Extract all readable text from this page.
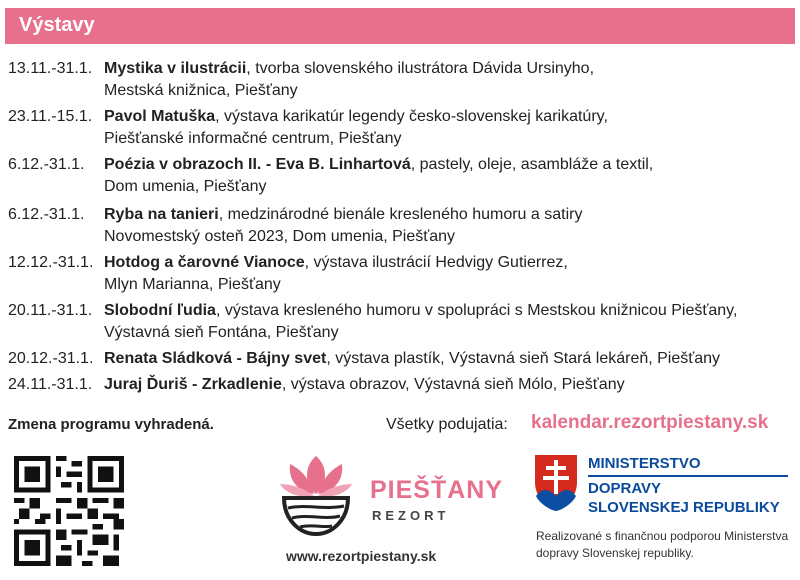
Výstavy
13.11.-31.1. Mystika v ilustrácii, tvorba slovenského ilustrátora Dávida Ursinyho,
Mestská knižnica, Piešťany
23.11.-15.1. Pavol Matuška, výstava karikatúr legendy česko-slovenskej karikatúry,
Piešťanské informačné centrum, Piešťany
6.12.-31.1. Poézia v obrazoch II. - Eva B. Linhartová, pastely, oleje, asambláže a textil,
Dom umenia, Piešťany
6.12.-31.1. Ryba na tanieri, medzinárodné bienále kresleného humoru a satiry
Novomestský osteň 2023, Dom umenia, Piešťany
12.12.-31.1. Hotdog a čarovné Vianoce, výstava ilustrácií Hedvigy Gutierrez,
Mlyn Marianna, Piešťany
20.11.-31.1. Slobodní ľudia, výstava kresleného humoru v spolupráci s Mestskou knižnicou Piešťany,
Výstavná sieň Fontána, Piešťany
20.12.-31.1. Renata Sládková - Bájny svet, výstava plastík, Výstavná sieň Stará lekáreň, Piešťany
24.11.-31.1. Juraj Ďuriš - Zrkadlenie, výstava obrazov, Výstavná sieň Mólo, Piešťany
Zmena programu vyhradená.	Všetky podujatia: kalendar.rezortpiestany.sk
PIEŠŤANY
REZORT
www.rezortpiestany.sk
MINISTERSTVO
DOPRAVY
SLOVENSKEJ REPUBLIKY
Realizované s finančnou podporou Ministerstva
dopravy Slovenskej republiky.
